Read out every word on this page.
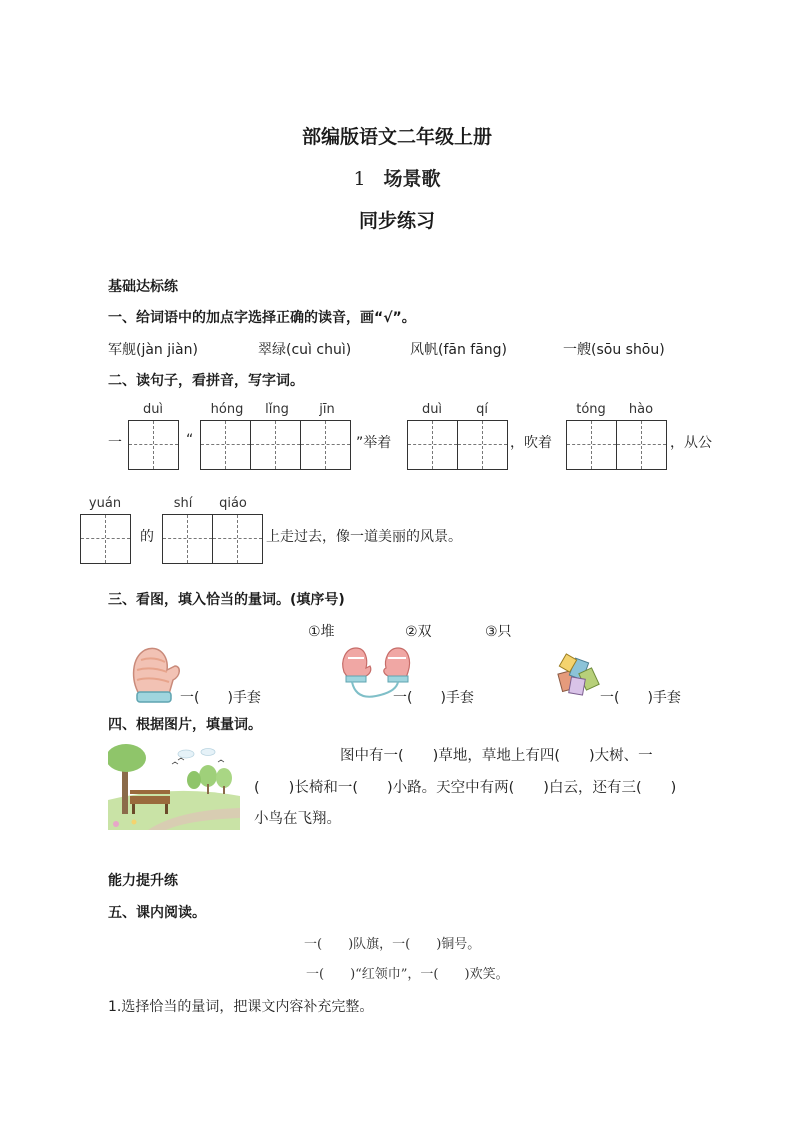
部编版语文二年级上册
1 场景歌
同步练习
基础达标练
一、给词语中的加点字选择正确的读音，画“√”。
军舰(jàn jiàn)	翠绿(cuì chuì)	风帆(fān fāng)	一艘(sōu shōu)
二、读句子，看拼音，写字词。
duì	hóng	lǐng	jīn	duì	qí	tóng	hào
一	“	”举着	，吹着	，从公
yuán	shí	qiáo
的	上走过去，像一道美丽的风景。
三、看图，填入恰当的量词。(填序号)
①堆	②双	③只
一(　　)手套	一(　　)手套	一(　　)手套
四、根据图片，填量词。
图中有一(　　)草地，草地上有四(　　)大树、一
(　　)长椅和一(　　)小路。天空中有两(　　)白云，还有三(　　)
小鸟在飞翔。
能力提升练
五、课内阅读。
一(　　)队旗，一(　　)铜号。
一(　　)“红领巾”，一(　　)欢笑。
1.选择恰当的量词，把课文内容补充完整。
